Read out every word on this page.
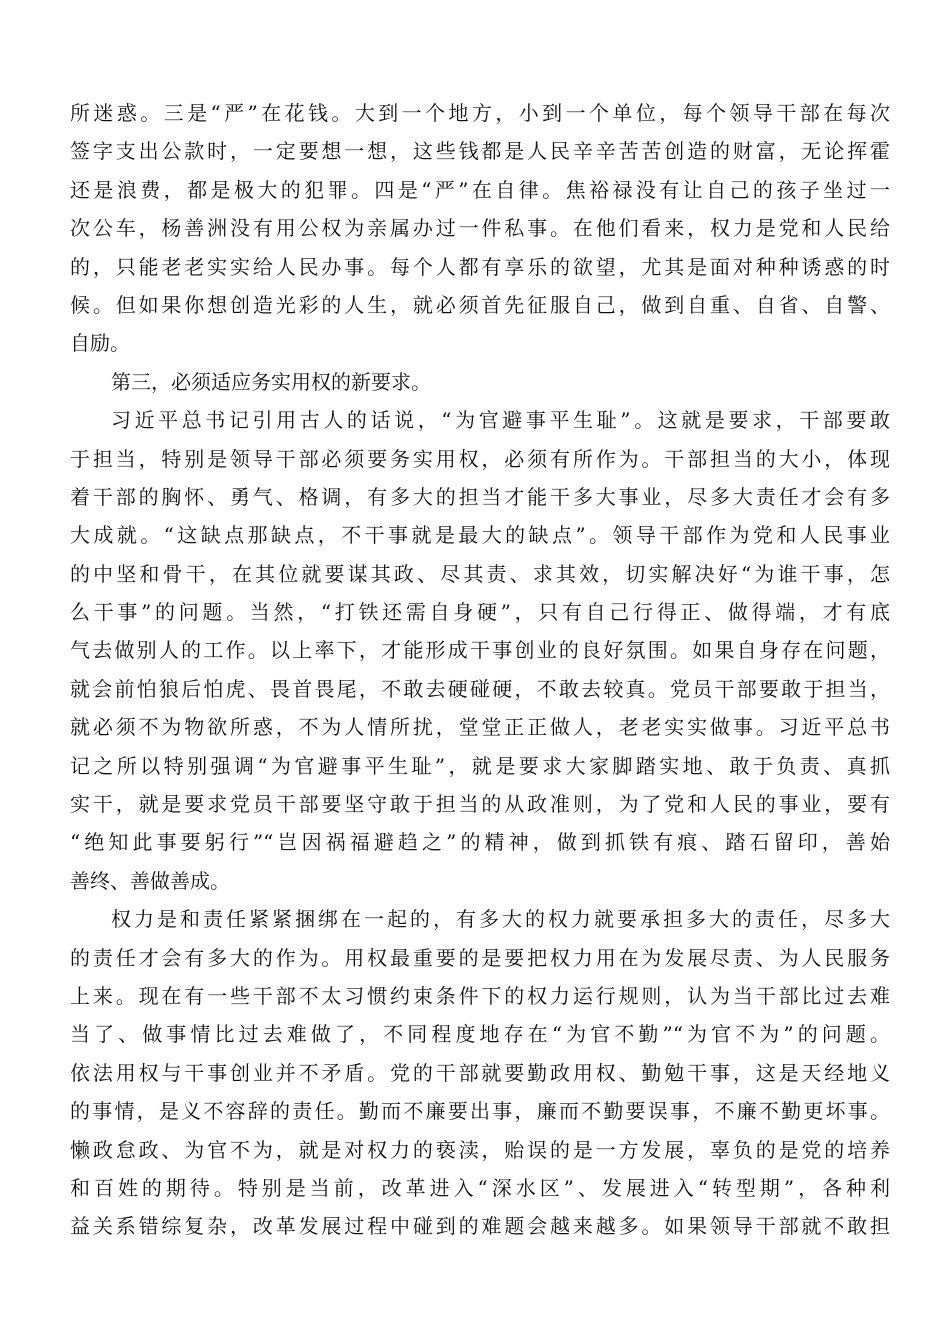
所迷惑。三是“严”在花钱。大到一个地方，小到一个单位，每个领导干部在每次
签字支出公款时，一定要想一想，这些钱都是人民辛辛苦苦创造的财富，无论挥霍
还是浪费，都是极大的犯罪。四是“严”在自律。焦裕禄没有让自己的孩子坐过一
次公车，杨善洲没有用公权为亲属办过一件私事。在他们看来，权力是党和人民给
的，只能老老实实给人民办事。每个人都有享乐的欲望，尤其是面对种种诱惑的时
候。但如果你想创造光彩的人生，就必须首先征服自己，做到自重、自省、自警、
自励。
第三，必须适应务实用权的新要求。
习近平总书记引用古人的话说，“为官避事平生耻”。这就是要求，干部要敢
于担当，特别是领导干部必须要务实用权，必须有所作为。干部担当的大小，体现
着干部的胸怀、勇气、格调，有多大的担当才能干多大事业，尽多大责任才会有多
大成就。“这缺点那缺点，不干事就是最大的缺点”。领导干部作为党和人民事业
的中坚和骨干，在其位就要谋其政、尽其责、求其效，切实解决好“为谁干事，怎
么干事”的问题。当然，“打铁还需自身硬”，只有自己行得正、做得端，才有底
气去做别人的工作。以上率下，才能形成干事创业的良好氛围。如果自身存在问题，
就会前怕狼后怕虎、畏首畏尾，不敢去硬碰硬，不敢去较真。党员干部要敢于担当，
就必须不为物欲所惑，不为人情所扰，堂堂正正做人，老老实实做事。习近平总书
记之所以特别强调“为官避事平生耻”，就是要求大家脚踏实地、敢于负责、真抓
实干，就是要求党员干部要坚守敢于担当的从政准则，为了党和人民的事业，要有
“绝知此事要躬行”“岂因祸福避趋之”的精神，做到抓铁有痕、踏石留印，善始
善终、善做善成。
权力是和责任紧紧捆绑在一起的，有多大的权力就要承担多大的责任，尽多大
的责任才会有多大的作为。用权最重要的是要把权力用在为发展尽责、为人民服务
上来。现在有一些干部不太习惯约束条件下的权力运行规则，认为当干部比过去难
当了、做事情比过去难做了，不同程度地存在“为官不勤”“为官不为”的问题。
依法用权与干事创业并不矛盾。党的干部就要勤政用权、勤勉干事，这是天经地义
的事情，是义不容辞的责任。勤而不廉要出事，廉而不勤要误事，不廉不勤更坏事。
懒政怠政、为官不为，就是对权力的亵渎，贻误的是一方发展，辜负的是党的培养
和百姓的期待。特别是当前，改革进入“深水区”、发展进入“转型期”，各种利
益关系错综复杂，改革发展过程中碰到的难题会越来越多。如果领导干部就不敢担
